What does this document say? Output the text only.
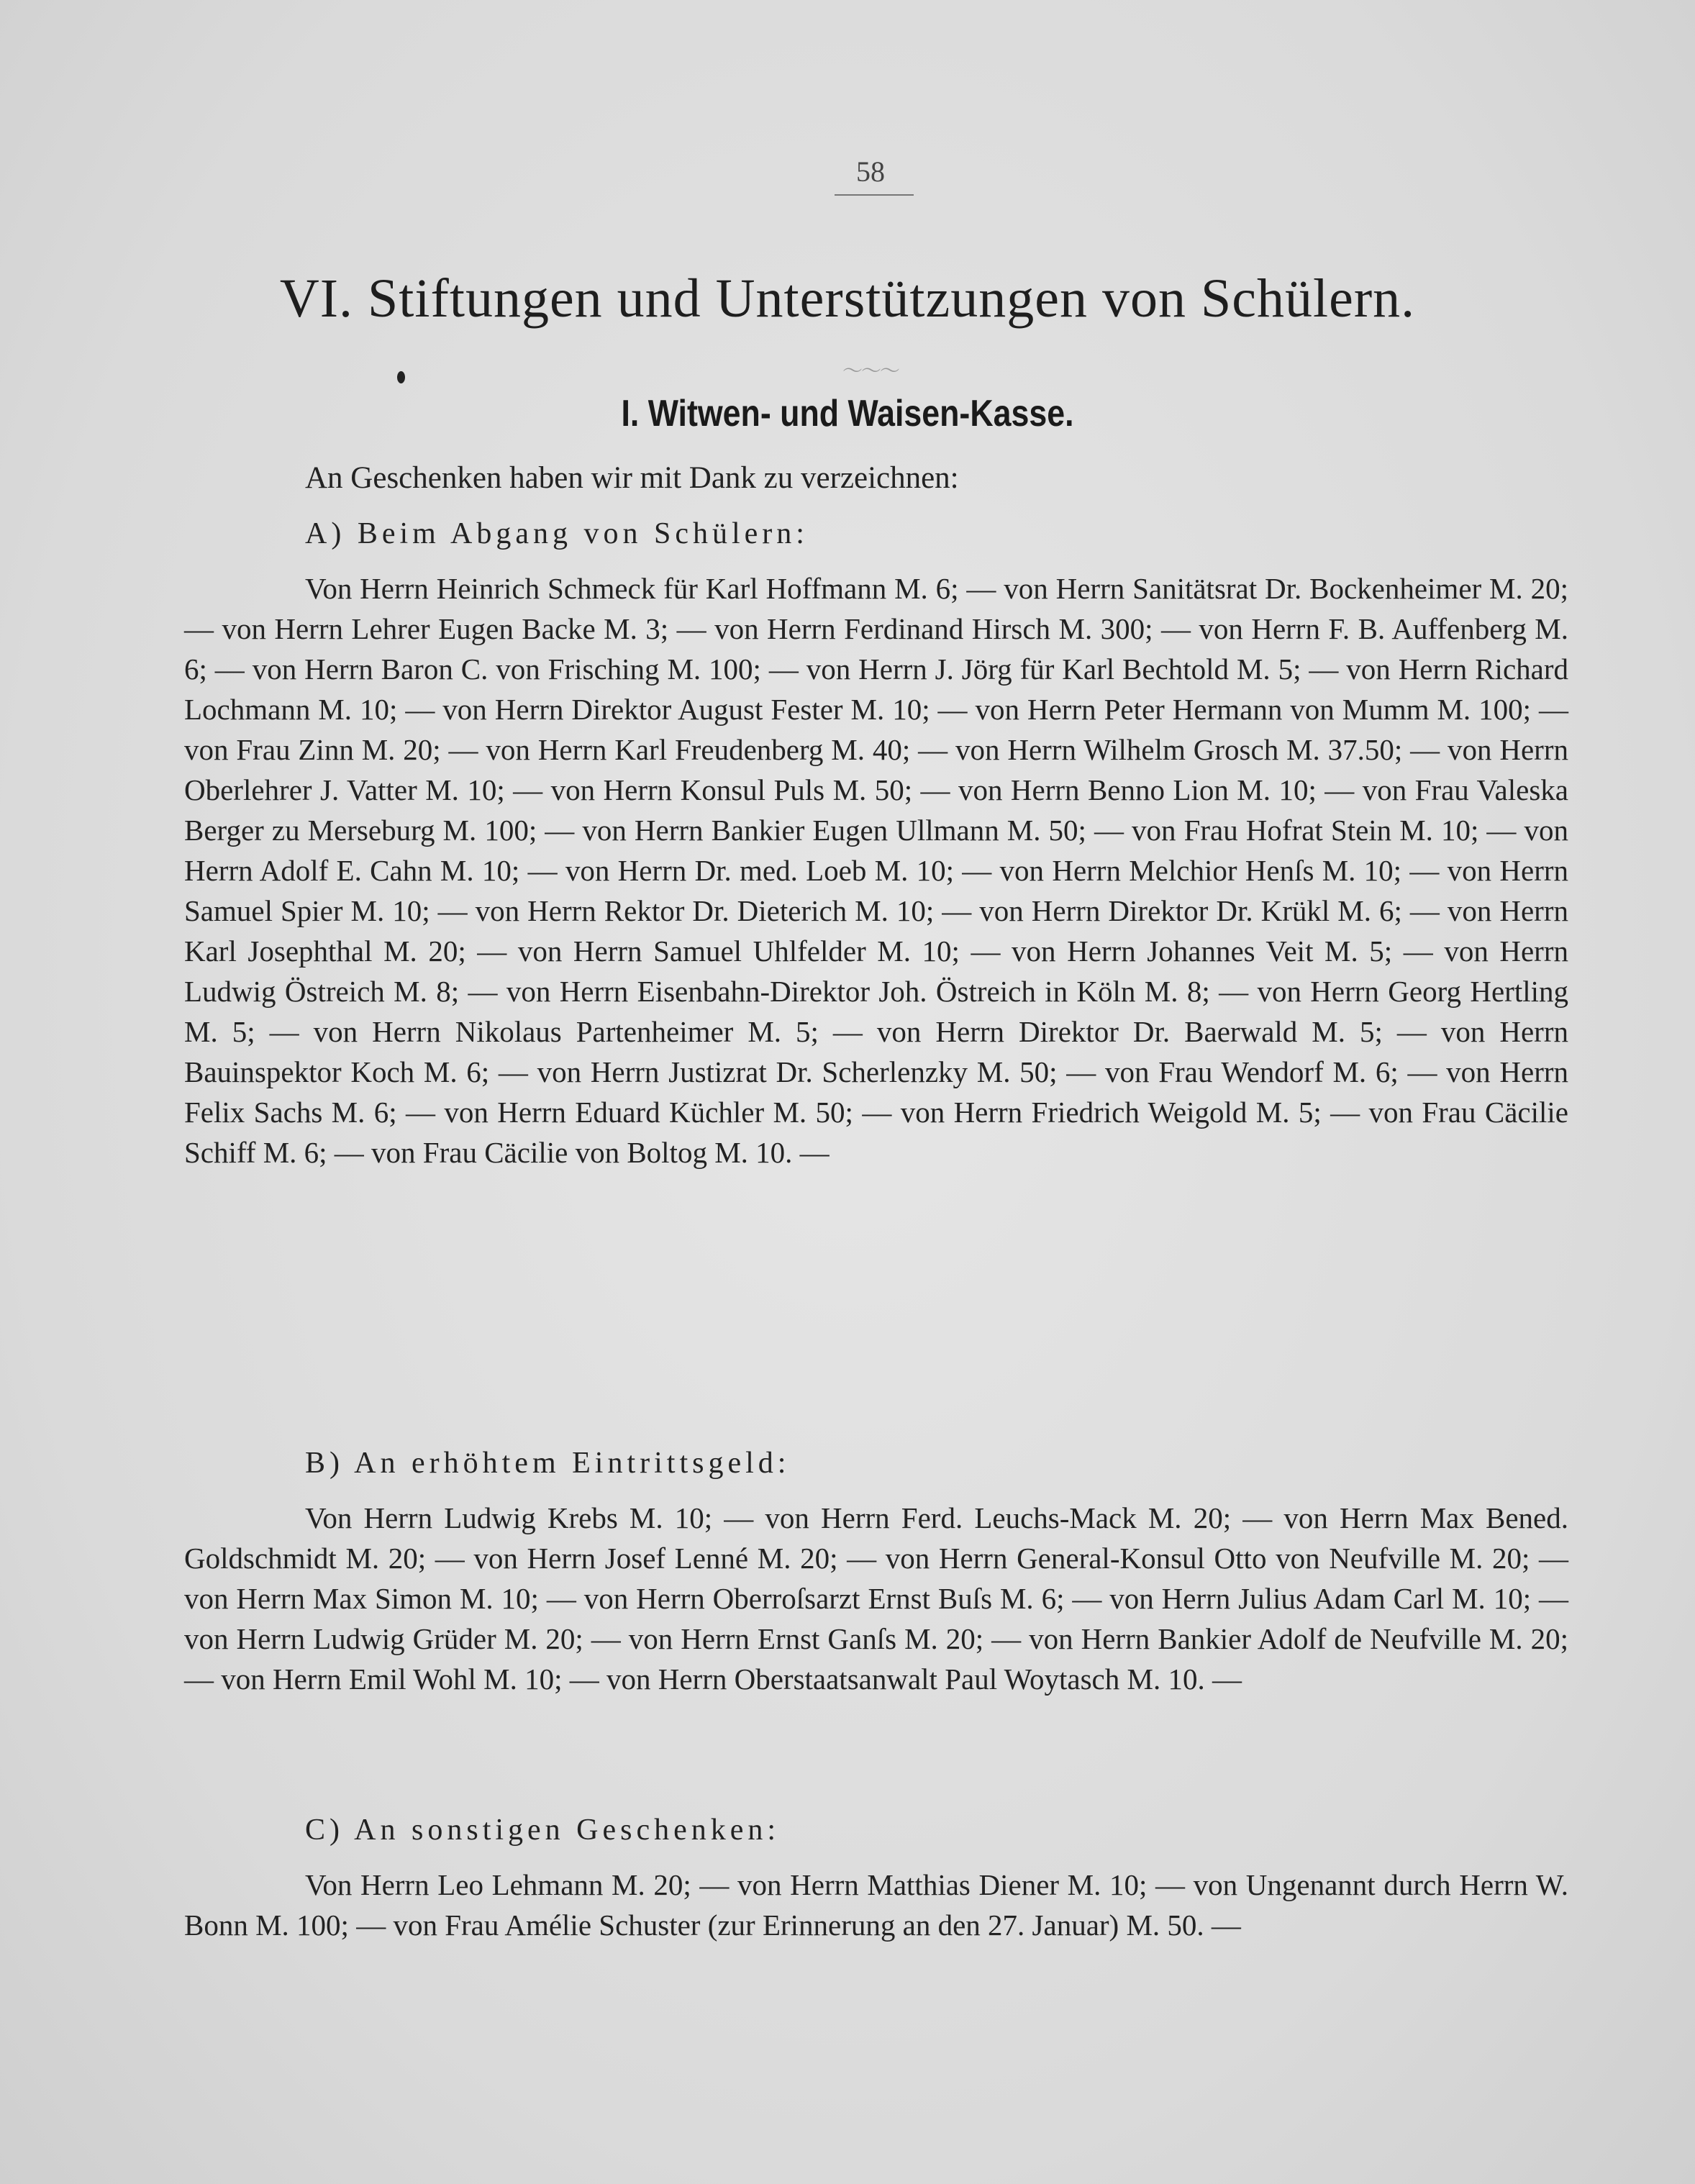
58
VI. Stiftungen und Unterstützungen von Schülern.
〜〜〜
I. Witwen- und Waisen-Kasse.
An Geschenken haben wir mit Dank zu verzeichnen:
A) Beim Abgang von Schülern:

Von Herrn Heinrich Schmeck für Karl Hoffmann M. 6; — von Herrn Sanitätsrat Dr. Bockenheimer M. 20; — von Herrn Lehrer Eugen Backe M. 3; — von Herrn Ferdinand Hirsch M. 300; — von Herrn F. B. Auffenberg M. 6; — von Herrn Baron C. von Frisching M. 100; — von Herrn J. Jörg für Karl Bechtold M. 5; — von Herrn Richard Lochmann M. 10; — von Herrn Direktor August Fester M. 10; — von Herrn Peter Hermann von Mumm M. 100; — von Frau Zinn M. 20; — von Herrn Karl Freudenberg M. 40; — von Herrn Wilhelm Grosch M. 37.50; — von Herrn Oberlehrer J. Vatter M. 10; — von Herrn Konsul Puls M. 50; — von Herrn Benno Lion M. 10; — von Frau Valeska Berger zu Merseburg M. 100; — von Herrn Bankier Eugen Ullmann M. 50; — von Frau Hofrat Stein M. 10; — von Herrn Adolf E. Cahn M. 10; — von Herrn Dr. med. Loeb M. 10; — von Herrn Melchior Henſs M. 10; — von Herrn Samuel Spier M. 10; — von Herrn Rektor Dr. Dieterich M. 10; — von Herrn Direktor Dr. Krükl M. 6; — von Herrn Karl Josephthal M. 20; — von Herrn Samuel Uhlfelder M. 10; — von Herrn Johannes Veit M. 5; — von Herrn Ludwig Östreich M. 8; — von Herrn Eisenbahn-Direktor Joh. Östreich in Köln M. 8; — von Herrn Georg Hertling M. 5; — von Herrn Nikolaus Partenheimer M. 5; — von Herrn Direktor Dr. Baerwald M. 5; — von Herrn Bauinspektor Koch M. 6; — von Herrn Justizrat Dr. Scherlenzky M. 50; — von Frau Wendorf M. 6; — von Herrn Felix Sachs M. 6; — von Herrn Eduard Küchler M. 50; — von Herrn Friedrich Weigold M. 5; — von Frau Cäcilie Schiff M. 6; — von Frau Cäcilie von Boltog M. 10. —

B) An erhöhtem Eintrittsgeld:

Von Herrn Ludwig Krebs M. 10; — von Herrn Ferd. Leuchs-Mack M. 20; — von Herrn Max Bened. Goldschmidt M. 20; — von Herrn Josef Lenné M. 20; — von Herrn General-Konsul Otto von Neufville M. 20; — von Herrn Max Simon M. 10; — von Herrn Oberroſsarzt Ernst Buſs M. 6; — von Herrn Julius Adam Carl M. 10; — von Herrn Ludwig Grüder M. 20; — von Herrn Ernst Ganſs M. 20; — von Herrn Bankier Adolf de Neufville M. 20; — von Herrn Emil Wohl M. 10; — von Herrn Oberstaatsanwalt Paul Woytasch M. 10. —

C) An sonstigen Geschenken:

Von Herrn Leo Lehmann M. 20; — von Herrn Matthias Diener M. 10; — von Ungenannt durch Herrn W. Bonn M. 100; — von Frau Amélie Schuster (zur Erinnerung an den 27. Januar) M. 50. —
